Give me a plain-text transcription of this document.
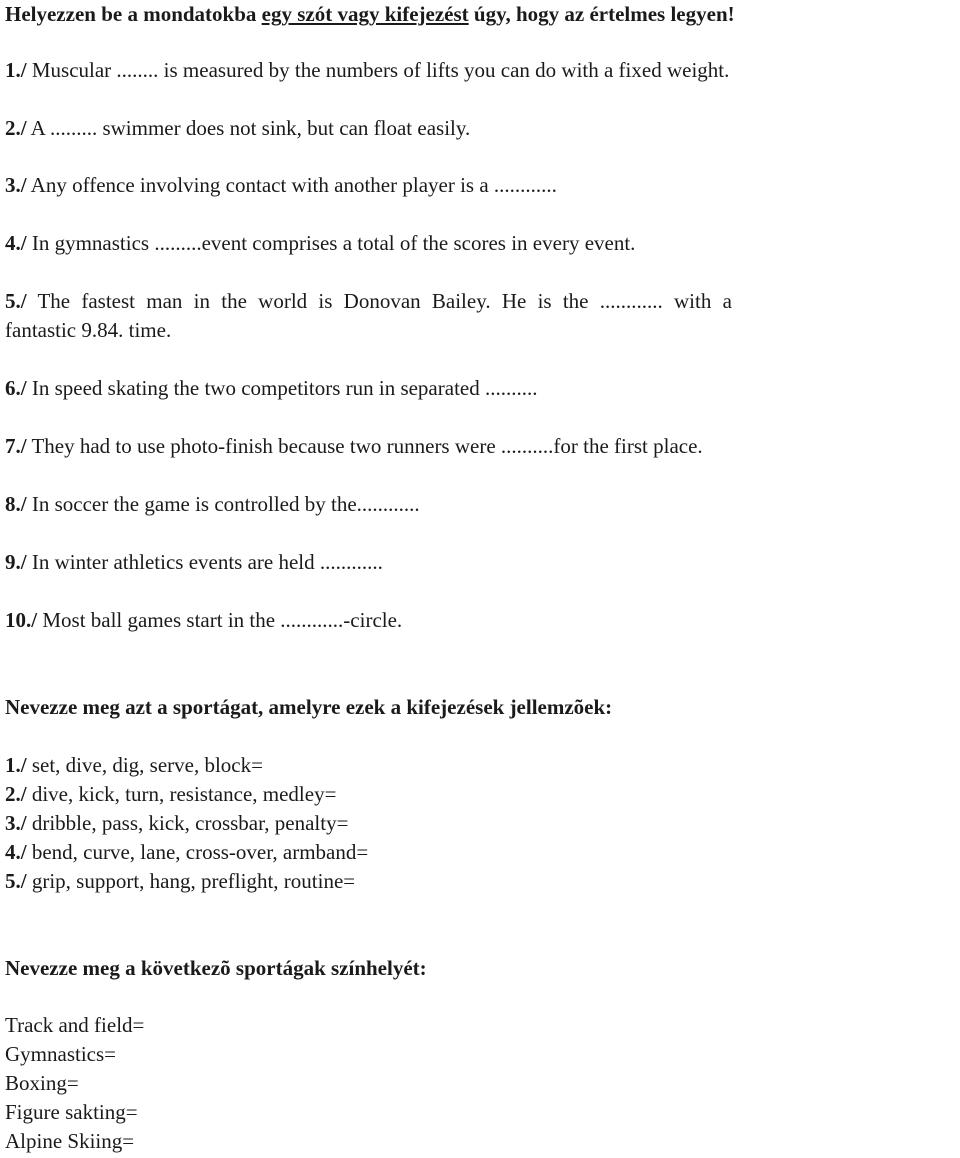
Helyezzen be a mondatokba egy szót vagy kifejezést úgy, hogy az értelmes legyen!
1./ Muscular ........ is measured by the numbers of lifts you can do with a fixed weight.
2./ A ......... swimmer does not sink, but can float easily.
3./ Any offence involving contact with another player is a ............
4./ In gymnastics .........event comprises a total of the scores in every event.
5./ The fastest man in the world is Donovan Bailey. He is the ............ with a
fantastic 9.84. time.
6./ In speed skating the two competitors run in separated ..........
7./ They had to use photo-finish because two runners were ..........for the first place.
8./ In soccer the game is controlled by the............
9./ In winter athletics events are held ............
10./ Most ball games start in the ............-circle.
Nevezze meg azt a sportágat, amelyre ezek a kifejezések jellemzõek:
1./ set, dive, dig, serve, block=
2./ dive, kick, turn, resistance, medley=
3./ dribble, pass, kick, crossbar, penalty=
4./ bend, curve, lane, cross-over, armband=
5./ grip, support, hang, preflight, routine=
Nevezze meg a következõ sportágak színhelyét:
Track and field=
Gymnastics=
Boxing=
Figure sakting=
Alpine Skiing=
